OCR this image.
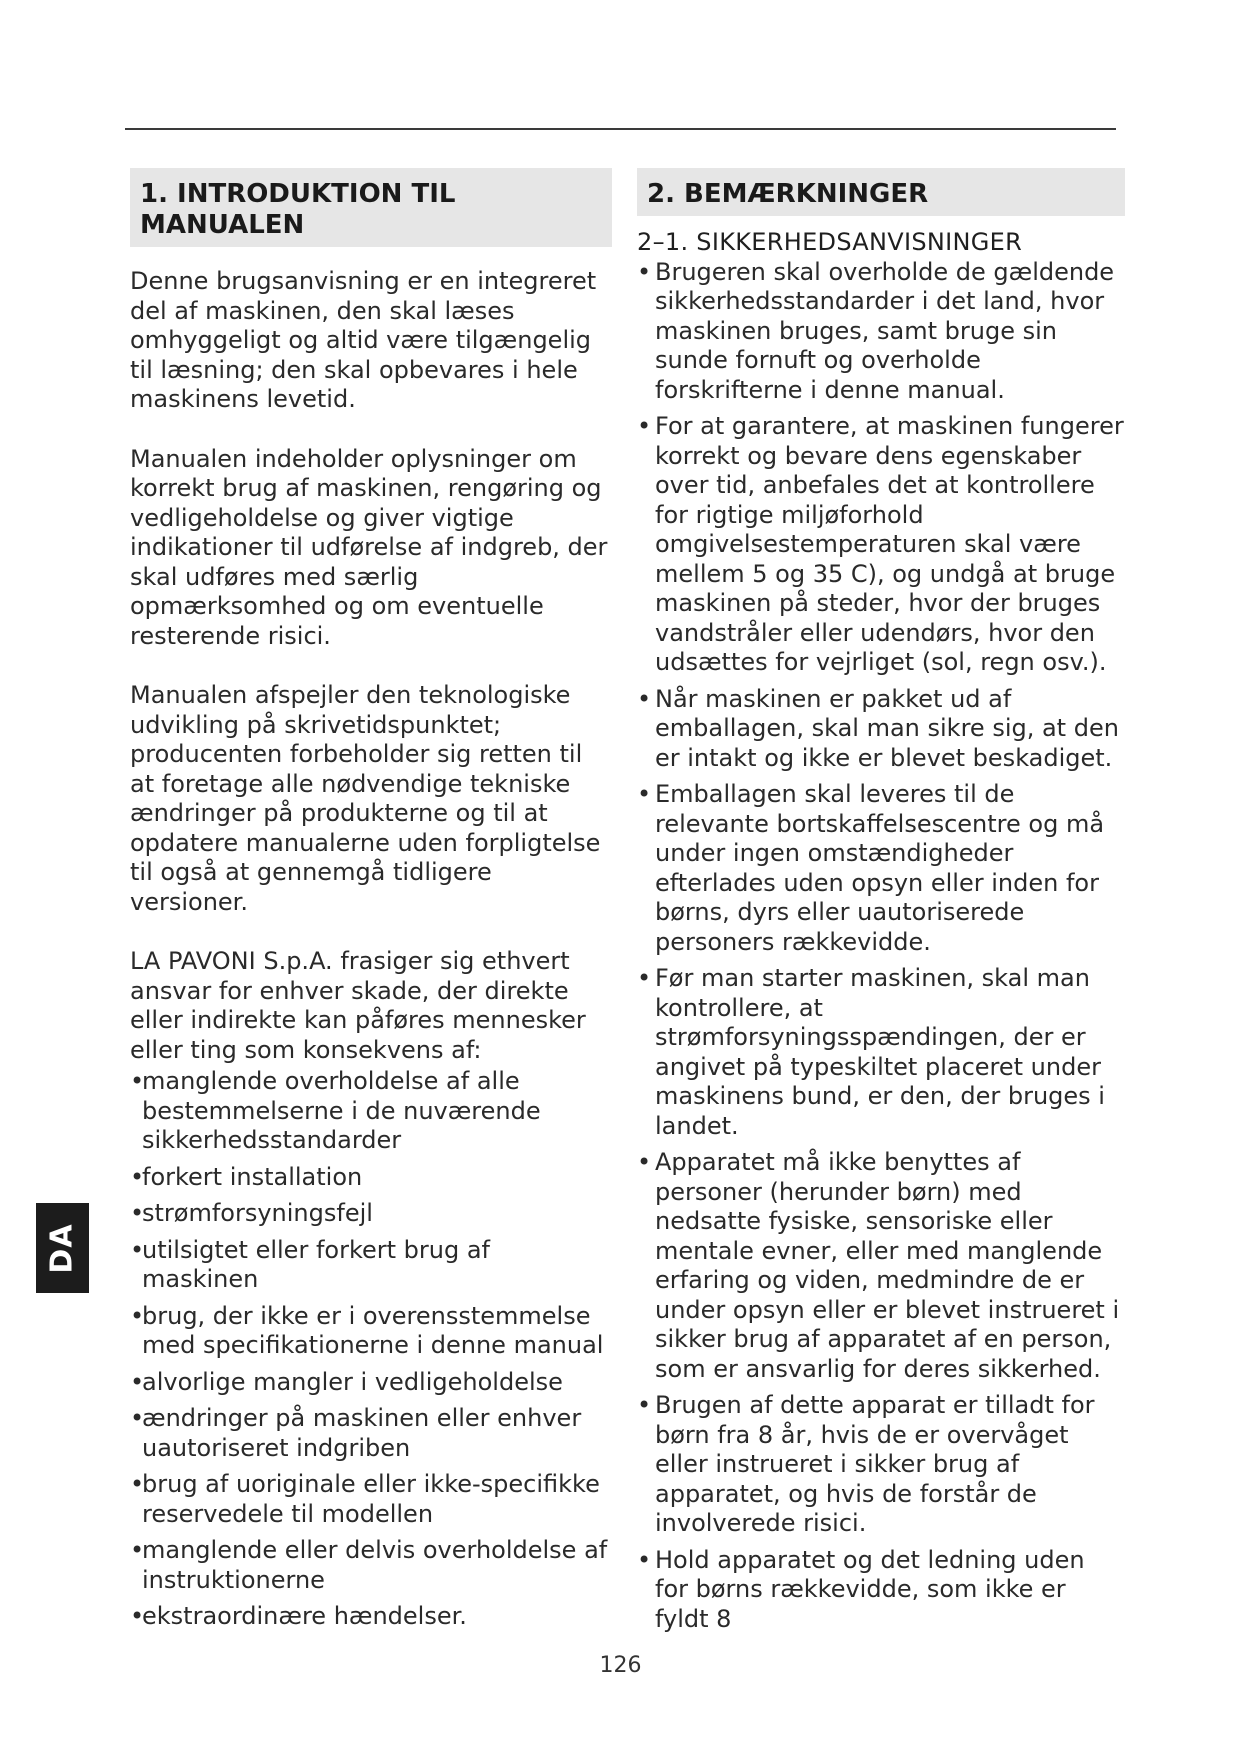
1. INTRODUKTION TIL
MANUALEN

Denne brugsanvisning er en integreret del af maskinen, den skal læses omhyggeligt og altid være tilgængelig til læsning; den skal opbevares i hele maskinens levetid.

Manualen indeholder oplysninger om korrekt brug af maskinen, rengøring og vedligeholdelse og giver vigtige indikationer til udførelse af indgreb, der skal udføres med særlig opmærksomhed og om eventuelle resterende risici.

Manualen afspejler den teknologiske udvikling på skrivetidspunktet; producenten forbeholder sig retten til at foretage alle nødvendige tekniske ændringer på produkterne og til at opdatere manualerne uden forpligtelse til også at gennemgå tidligere versioner.

LA PAVONI S.p.A. frasiger sig ethvert ansvar for enhver skade, der direkte eller indirekte kan påføres mennesker eller ting som konsekvens af:

•
manglende overholdelse af alle bestemmelserne i de nuværende sikkerhedsstandarder
•
forkert installation
•
strømforsyningsfejl
•
utilsigtet eller forkert brug af maskinen
•
brug, der ikke er i overensstemmelse med specifikationerne i denne manual
•
alvorlige mangler i vedligeholdelse
•
ændringer på maskinen eller enhver uautoriseret indgriben
•
brug af uoriginale eller ikke-specifikke reservedele til modellen
•
manglende eller delvis overholdelse af instruktionerne
•
ekstraordinære hændelser.
2. BEMÆRKNINGER
2–1. SIKKERHEDSANVISNINGER
• Brugeren skal overholde de gældende sikkerhedsstandarder i det land, hvor maskinen bruges, samt bruge sin sunde fornuft og overholde forskrifterne i denne manual.
• For at garantere, at maskinen fungerer korrekt og bevare dens egenskaber over tid, anbefales det at kontrollere for rigtige miljøforhold omgivelsestemperaturen skal være mellem 5 og 35 C), og undgå at bruge maskinen på steder, hvor der bruges vandstråler eller udendørs, hvor den udsættes for vejrliget (sol, regn osv.).
• Når maskinen er pakket ud af emballagen, skal man sikre sig, at den er intakt og ikke er blevet beskadiget.
• Emballagen skal leveres til de relevante bortskaffelsescentre og må under ingen omstændigheder efterlades uden opsyn eller inden for børns, dyrs eller uautoriserede personers rækkevidde.
• Før man starter maskinen, skal man kontrollere, at strømforsyningsspændingen, der er angivet på typeskiltet placeret under maskinens bund, er den, der bruges i landet.
• Apparatet må ikke benyttes af personer (herunder børn) med nedsatte fysiske, sensoriske eller mentale evner, eller med manglende erfaring og viden, medmindre de er under opsyn eller er blevet instrueret i sikker brug af apparatet af en person, som er ansvarlig for deres sikkerhed.
• Brugen af dette apparat er tilladt for børn fra 8 år, hvis de er overvåget eller instrueret i sikker brug af apparatet, og hvis de forstår de involverede risici.
• Hold apparatet og det ledning uden for børns rækkevidde, som ikke er fyldt 8
DA
126
